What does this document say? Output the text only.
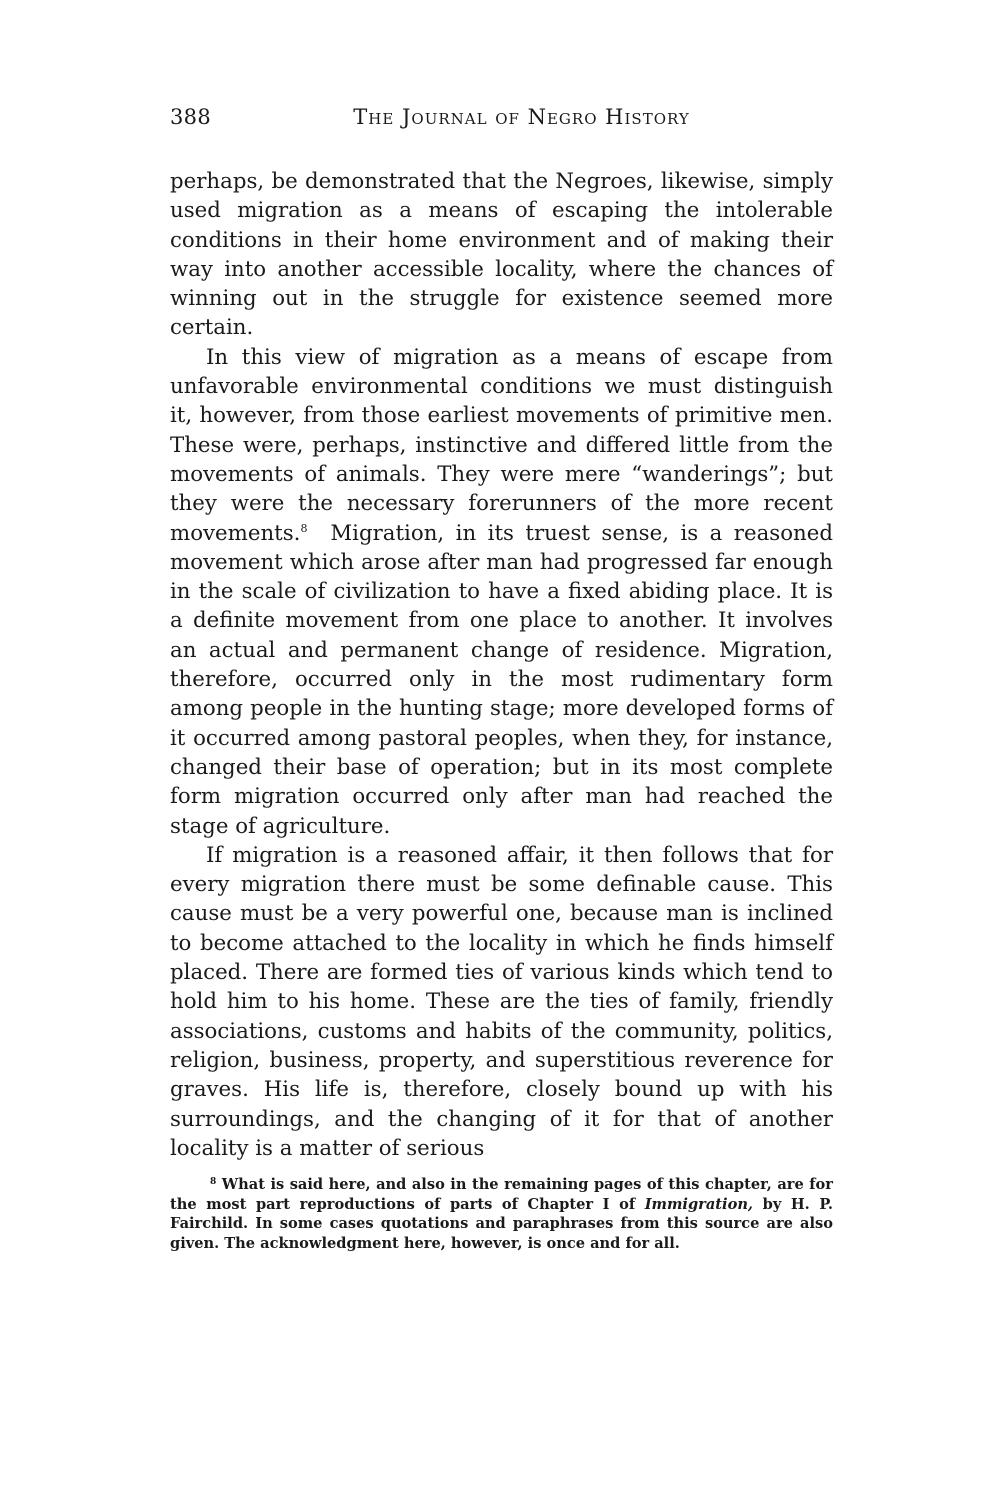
388	The Journal of Negro History

perhaps, be demonstrated that the Negroes, likewise, simply used migration as a means of escaping the intolerable conditions in their home environment and of making their way into another accessible locality, where the chances of winning out in the struggle for existence seemed more certain.

In this view of migration as a means of escape from unfavorable environmental conditions we must distinguish it, however, from those earliest movements of primitive men. These were, perhaps, instinctive and differed little from the movements of animals. They were mere “wanderings”; but they were the necessary forerunners of the more recent movements.$^8$  Migration, in its truest sense, is a reasoned movement which arose after man had progressed far enough in the scale of civilization to have a fixed abiding place. It is a definite movement from one place to another. It involves an actual and permanent change of residence. Migration, therefore, occurred only in the most rudimentary form among people in the hunting stage; more developed forms of it occurred among pastoral peoples, when they, for instance, changed their base of operation; but in its most complete form migration occurred only after man had reached the stage of agriculture.

If migration is a reasoned affair, it then follows that for every migration there must be some definable cause. This cause must be a very powerful one, because man is inclined to become attached to the locality in which he finds himself placed. There are formed ties of various kinds which tend to hold him to his home. These are the ties of family, friendly associations, customs and habits of the community, politics, religion, business, property, and superstitious reverence for graves. His life is, therefore, closely bound up with his surroundings, and the changing of it for that of another locality is a matter of serious

$^8$ What is said here, and also in the remaining pages of this chapter, are for the most part reproductions of parts of Chapter I of Immigration, by H. P. Fairchild. In some cases quotations and paraphrases from this source are also given. The acknowledgment here, however, is once and for all.
